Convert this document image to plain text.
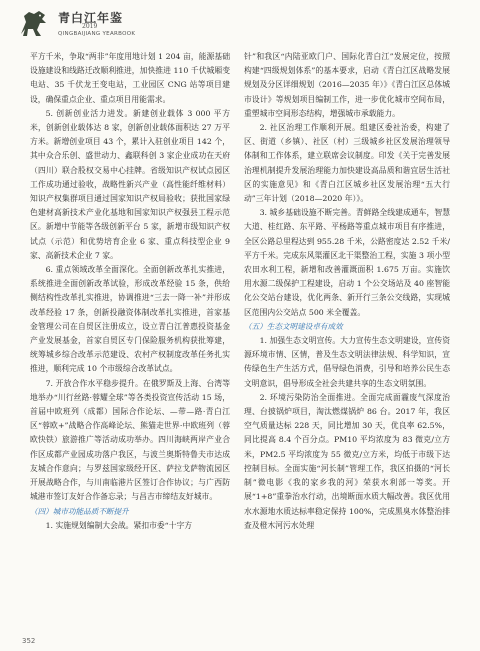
青白江年鉴
2019
QINGBAIJIANG YEARBOOK

平方千米，争取“两非”年度用地计划 1 204 亩，能源基础设施建设和线路迁改顺利推进，加快推进 110 千伏城厢变电站、35 千伏龙王变电站，工业园区 CNG 站等项目建设，确保重点企业、重点项目用能需求。

5. 创新创业活力进发。新建创业载体 3 000 平方米，创新创业载体达 8 家，创新创业载体面积达 27 万平方米。新增创业项目 43 个，累计入驻创业项目 142 个，其中众合乐创、盛世动力、鑫联科创 3 家企业成功在天府（四川）联合股权交易中心挂牌。省级知识产权试点园区工作成功通过验收，战略性新兴产业（高性能纤维材料）知识产权集群项目通过国家知识产权局验收；获批国家绿色建材高新技术产业化基地和国家知识产权强县工程示范区。新增中节能等各级创新平台 5 家，新增市级知识产权试点（示范）和优势培育企业 6 家、重点科技型企业 9 家、高新技术企业 7 家。

6. 重点领域改革全面深化。全面创新改革扎实推进，系统推进全面创新改革试验，形成改革经验 15 条，供给侧结构性改革扎实推进，协调推进“三去一降一补”并形成改革经验 17 条，创新投融资体制改革扎实推进，首家基金管理公司在自贸区注册成立，设立青白江普惠投资基金产业发展基金，首家自贸区专门保险服务机构获批筹建，统筹城乡综合改革示范建设、农村产权制度改革任务扎实推进，顺利完成 10 个市级综合改革试点。

7. 开放合作水平稳步提升。在俄罗斯及上海、台湾等地举办“川行丝路·蓉耀全球”等各类投资宣传活动 15 场，首届中欧班列（成都）国际合作论坛、—带—路·青白江区“蓉欧+”战略合作高峰论坛、熊猫走世界·中欧班列（蓉欧快铁）旅游推广等活动成功举办。四川海峡两岸产业合作区成都产业园成功落户我区，与波兰奥斯特鲁夫市达成友城合作意向；与罗兹国家级经开区、萨拉戈萨物流园区开展战略合作，与川南临港片区签订合作协议；与广西防城港市签订友好合作备忘录；与昌吉市缔结友好城市。

（四）城市功能品质不断提升

1. 实施规划编制大会战。紧扣市委“十字方

针”和我区“内陆亚欧门户、国际化青白江”发展定位，按照构建“四级规划体系”的基本要求，启动《青白江区战略发展规划及分区详细规划（2016—2035 年）》《青白江区总体城市设计》等规划项目编制工作，进一步优化城市空间布局，重塑城市空间形态结构，增强城市承载能力。

2. 社区治理工作顺利开展。组建区委社治委，构建了区、街道（乡镇）、社区（村）三级城乡社区发展治理领导体制和工作体系，建立联席会议制度。印发《关于完善发展治理机制提升发展治理能力加快建设高品质和谐宜居生活社区的实施意见》和《青白江区城乡社区发展治理“五大行动”三年计划（2018—2020 年）》。

3. 城乡基础设施不断完善。青鲜路全线建成通车，智慧大道、桂红路、东平路、平杨路等重点城市项目有序推进，全区公路总里程达到 955.28 千米，公路密度达 2.52 千米/平方千米。完成东风渠灌区北干渠整治工程，实施 3 项小型农田水利工程，新增和改善灌溉面积 1.675 万亩。实施饮用水源二级保护工程建设，启动 1 个公交场站及 40 座智能化公交站台建设，优化两条、新开行三条公交线路，实现城区范围内公交站点 500 米全覆盖。

（五）生态文明建设卓有成效

1. 加强生态文明宣传。大力宣传生态文明建设，宣传资源环境市情、区情，普及生态文明法律法规、科学知识，宣传绿色生产生活方式，倡导绿色消费，引导和培养公民生态文明意识，倡导形成全社会共建共享的生态文明氛围。

2. 环境污染防治全面推进。全面完成面霾废气深度治理、台披锅炉项目，淘汰燃煤锅炉 86 台。2017 年，我区空气质量达标 228 天，同比增加 30 天，优良率 62.5%，同比提高 8.4 个百分点。PM10 平均浓度为 83 微克/立方米，PM2.5 平均浓度为 55 微克/立方米，均低于市级下达控制目标。全面实施“河长制”管理工作，我区拍摄的“河长制”微电影《我的家乡我的河》荣获水利部一等奖。开展“1+8”重拳治水行动，出境断面水质大幅改善。我区优用水水源地水质达标率稳定保持 100%，完成黑臭水体整治排查及橙木河污水处理

352
